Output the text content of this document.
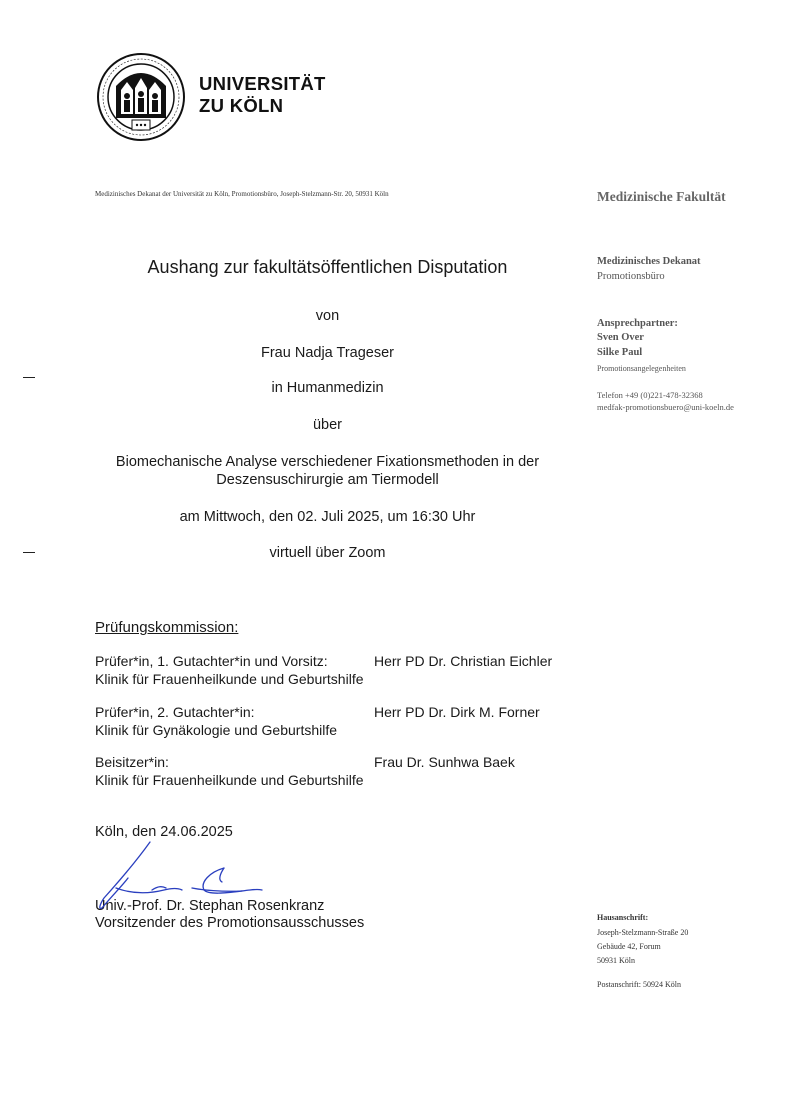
UNIVERSITÄT
ZU KÖLN
Medizinisches Dekanat der Universität zu Köln, Promotionsbüro, Joseph-Stelzmann-Str. 20, 50931 Köln	Medizinische Fakultät
Medizinisches Dekanat
Promotionsbüro
Ansprechpartner:
Sven Over
Silke Paul
Promotionsangelegenheiten
Telefon +49 (0)221-478-32368
medfak-promotionsbuero@uni-koeln.de
Hausanschrift:
Joseph-Stelzmann-Straße 20
Gebäude 42, Forum
50931 Köln
Postanschrift: 50924 Köln
Aushang zur fakultätsöffentlichen Disputation
von
Frau Nadja Trageser
in Humanmedizin
über
Biomechanische Analyse verschiedener Fixationsmethoden in der
Deszensuschirurgie am Tiermodell
am Mittwoch, den 02. Juli 2025, um 16:30 Uhr
virtuell über Zoom
Prüfungskommission:
Prüfer*in, 1. Gutachter*in und Vorsitz:	Herr PD Dr. Christian Eichler
Klinik für Frauenheilkunde und Geburtshilfe
Prüfer*in, 2. Gutachter*in:	Herr PD Dr. Dirk M. Forner
Klinik für Gynäkologie und Geburtshilfe
Beisitzer*in:	Frau Dr. Sunhwa Baek
Klinik für Frauenheilkunde und Geburtshilfe
Köln, den 24.06.2025
Univ.-Prof. Dr. Stephan Rosenkranz
Vorsitzender des Promotionsausschusses
